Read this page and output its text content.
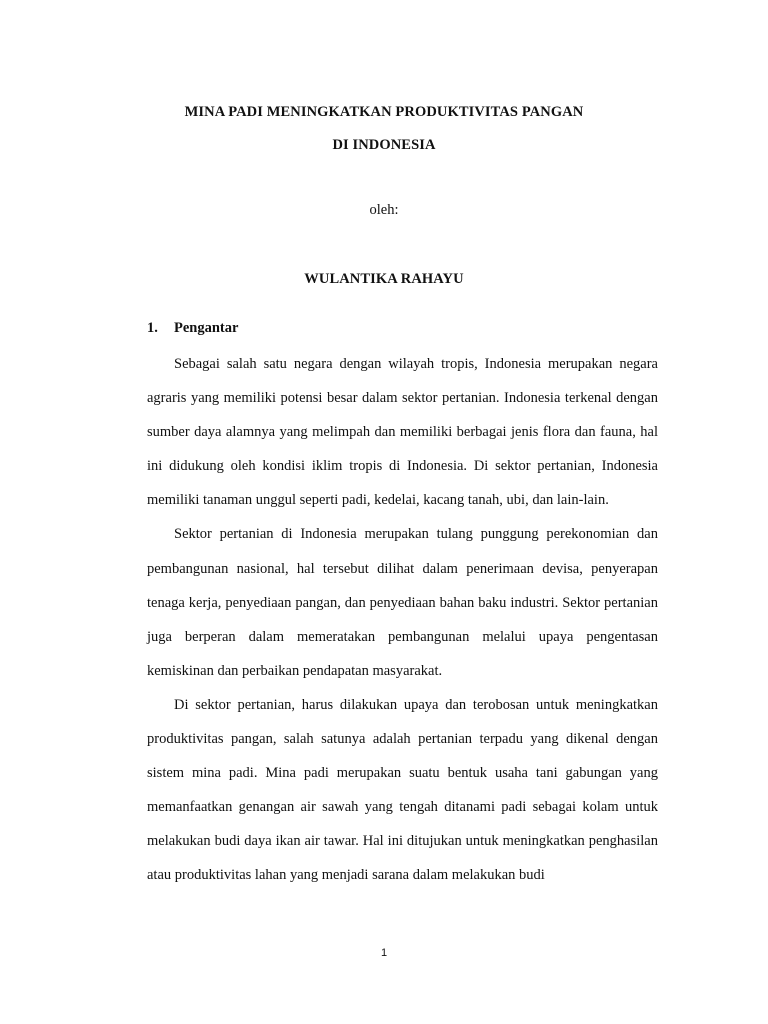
MINA PADI MENINGKATKAN PRODUKTIVITAS PANGAN
DI INDONESIA
oleh:
WULANTIKA RAHAYU
1. Pengantar

Sebagai salah satu negara dengan wilayah tropis, Indonesia merupakan negara agraris yang memiliki potensi besar dalam sektor pertanian. Indonesia terkenal dengan sumber daya alamnya yang melimpah dan memiliki berbagai jenis flora dan fauna, hal ini didukung oleh kondisi iklim tropis di Indonesia. Di sektor pertanian, Indonesia memiliki tanaman unggul seperti padi, kedelai, kacang tanah, ubi, dan lain-lain.

Sektor pertanian di Indonesia merupakan tulang punggung perekonomian dan pembangunan nasional, hal tersebut dilihat dalam penerimaan devisa, penyerapan tenaga kerja, penyediaan pangan, dan penyediaan bahan baku industri. Sektor pertanian juga berperan dalam memeratakan pembangunan melalui upaya pengentasan kemiskinan dan perbaikan pendapatan masyarakat.

Di sektor pertanian, harus dilakukan upaya dan terobosan untuk meningkatkan produktivitas pangan, salah satunya adalah pertanian terpadu yang dikenal dengan sistem mina padi. Mina padi merupakan suatu bentuk usaha tani gabungan yang memanfaatkan genangan air sawah yang tengah ditanami padi sebagai kolam untuk melakukan budi daya ikan air tawar. Hal ini ditujukan untuk meningkatkan penghasilan atau produktivitas lahan yang menjadi sarana dalam melakukan budi

1
